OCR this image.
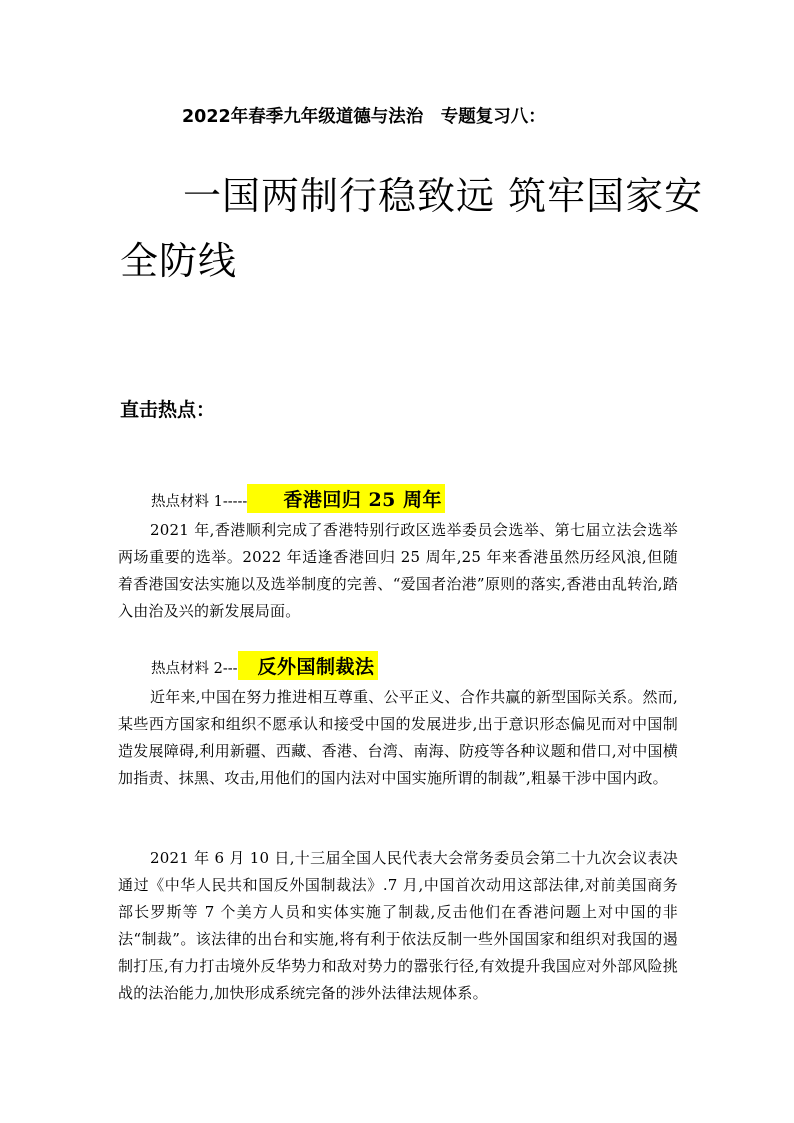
2022年春季九年级道德与法治　专题复习八：
一国两制行稳致远 筑牢国家安
全防线
直击热点：
热点材料 1----- 香港回归 25 周年

2021 年,香港顺利完成了香港特别行政区选举委员会选举、第七届立法会选举两场重要的选举。2022 年适逢香港回归 25 周年,25 年来香港虽然历经风浪,但随着香港国安法实施以及选举制度的完善、“爱国者治港”原则的落实,香港由乱转治,踏入由治及兴的新发展局面。

热点材料 2--- 反外国制裁法

近年来,中国在努力推进相互尊重、公平正义、合作共赢的新型国际关系。然而,某些西方国家和组织不愿承认和接受中国的发展进步,出于意识形态偏见而对中国制造发展障碍,利用新疆、西藏、香港、台湾、南海、防疫等各种议题和借口,对中国横加指责、抹黑、攻击,用他们的国内法对中国实施所谓的制裁”,粗暴干涉中国内政。

2021 年 6 月 10 日,十三届全国人民代表大会常务委员会第二十九次会议表决通过《中华人民共和国反外国制裁法》.7 月,中国首次动用这部法律,对前美国商务部长罗斯等 7 个美方人员和实体实施了制裁,反击他们在香港问题上对中国的非法“制裁”。该法律的出台和实施,将有利于依法反制一些外国国家和组织对我国的遏制打压,有力打击境外反华势力和敌对势力的嚣张行径,有效提升我国应对外部风险挑战的法治能力,加快形成系统完备的涉外法律法规体系。
